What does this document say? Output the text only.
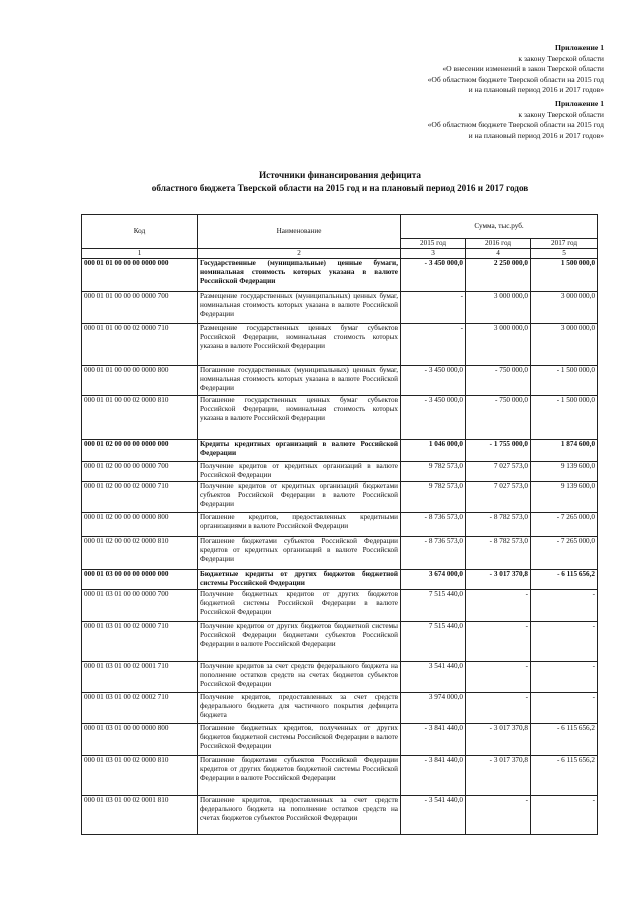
Приложение 1
к закону Тверской области
«О внесении изменений в закон Тверской области
«Об областном бюджете Тверской области на 2015 год
и на плановый период 2016 и 2017 годов»
Приложение 1
к закону Тверской области
«Об областном бюджете Тверской области на 2015 год
и на плановый период 2016 и 2017 годов»
Источники финансирования дефицита
областного бюджета Тверской области на 2015 год и на плановый период 2016 и 2017 годов
Код	Наименование	Сумма, тыс.руб.		
		2015 год	2016 год	2017 год
1	2	3	4	5
000 01 01 00 00 00 0000 000	Государственные (муниципальные) ценные бумаги, номинальная стоимость которых указана в валюте Российской Федерации	- 3 450 000,0	2 250 000,0	1 500 000,0
000 01 01 00 00 00 0000 700	Размещение государственных (муниципальных) ценных бумаг, номинальная стоимость которых указана в валюте Российской Федерации	-	3 000 000,0	3 000 000,0
000 01 01 00 00 02 0000 710	Размещение государственных ценных бумаг субъектов Российской Федерации, номинальная стоимость которых указана в валюте Российской Федерации	-	3 000 000,0	3 000 000,0
000 01 01 00 00 00 0000 800	Погашение государственных (муниципальных) ценных бумаг, номинальная стоимость которых указана в валюте Российской Федерации	- 3 450 000,0	- 750 000,0	- 1 500 000,0
000 01 01 00 00 02 0000 810	Погашение государственных ценных бумаг субъектов Российской Федерации, номинальная стоимость которых указана в валюте Российской Федерации	- 3 450 000,0	- 750 000,0	- 1 500 000,0
000 01 02 00 00 00 0000 000	Кредиты кредитных организаций в валюте Российской Федерации	1 046 000,0	- 1 755 000,0	1 874 600,0
000 01 02 00 00 00 0000 700	Получение кредитов от кредитных организаций в валюте Российской Федерации	9 782 573,0	7 027 573,0	9 139 600,0
000 01 02 00 00 02 0000 710	Получение кредитов от кредитных организаций бюджетами субъектов Российской Федерации в валюте Российской Федерации	9 782 573,0	7 027 573,0	9 139 600,0
000 01 02 00 00 00 0000 800	Погашение кредитов, предоставленных кредитными организациями в валюте Российской Федерации	- 8 736 573,0	- 8 782 573,0	- 7 265 000,0
000 01 02 00 00 02 0000 810	Погашение бюджетами субъектов Российской Федерации кредитов от кредитных организаций в валюте Российской Федерации	- 8 736 573,0	- 8 782 573,0	- 7 265 000,0
000 01 03 00 00 00 0000 000	Бюджетные кредиты от других бюджетов бюджетной системы Российской Федерации	3 674 000,0	- 3 017 370,8	- 6 115 656,2
000 01 03 01 00 00 0000 700	Получение бюджетных кредитов от других бюджетов бюджетной системы Российской Федерации в валюте Российской Федерации	7 515 440,0	-	-
000 01 03 01 00 02 0000 710	Получение кредитов от других бюджетов бюджетной системы Российской Федерации бюджетами субъектов Российской Федерации в валюте Российской Федерации	7 515 440,0	-	-
000 01 03 01 00 02 0001 710	Получение кредитов за счет средств федерального бюджета на пополнение остатков средств на счетах бюджетов субъектов Российской Федерации	3 541 440,0	-	-
000 01 03 01 00 02 0002 710	Получение кредитов, предоставленных за счет средств федерального бюджета для частичного покрытия дефицита бюджета	3 974 000,0	-	-
000 01 03 01 00 00 0000 800	Погашение бюджетных кредитов, полученных от других бюджетов бюджетной системы Российской Федерации в валюте Российской Федерации	- 3 841 440,0	- 3 017 370,8	- 6 115 656,2
000 01 03 01 00 02 0000 810	Погашение бюджетами субъектов Российской Федерации кредитов от других бюджетов бюджетной системы Российской Федерации в валюте Российской Федерации	- 3 841 440,0	- 3 017 370,8	- 6 115 656,2
000 01 03 01 00 02 0001 810	Погашение кредитов, предоставленных за счет средств федерального бюджета на пополнение остатков средств на счетах бюджетов субъектов Российской Федерации	- 3 541 440,0	-	-
